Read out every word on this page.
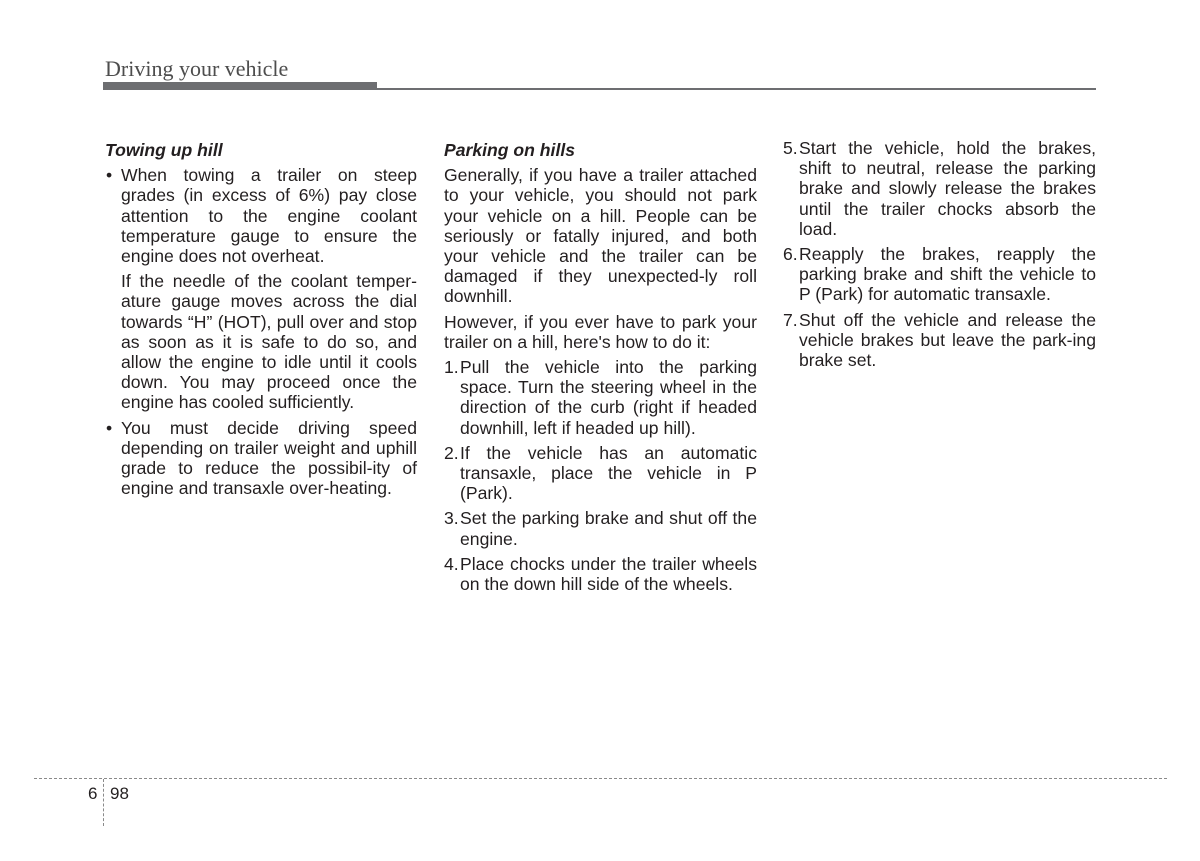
Driving your vehicle
Towing up hill
• When towing a trailer on steep grades (in excess of 6%) pay close attention to the engine coolant temperature gauge to ensure the engine does not overheat.

If the needle of the coolant temper-ature gauge moves across the dial towards “H” (HOT), pull over and stop as soon as it is safe to do so, and allow the engine to idle until it cools down. You may proceed once the engine has cooled sufficiently.

• You must decide driving speed depending on trailer weight and uphill grade to reduce the possibil-ity of engine and transaxle over-heating.
Parking on hills

Generally, if you have a trailer attached to your vehicle, you should not park your vehicle on a hill. People can be seriously or fatally injured, and both your vehicle and the trailer can be damaged if they unexpected-ly roll downhill.

However, if you ever have to park your trailer on a hill, here's how to do it:

1. Pull the vehicle into the parking space. Turn the steering wheel in the direction of the curb (right if headed downhill, left if headed up hill).
2. If the vehicle has an automatic transaxle, place the vehicle in P (Park).
3. Set the parking brake and shut off the engine.
4. Place chocks under the trailer wheels on the down hill side of the wheels.
5. Start the vehicle, hold the brakes, shift to neutral, release the parking brake and slowly release the brakes until the trailer chocks absorb the load.
6. Reapply the brakes, reapply the parking brake and shift the vehicle to P (Park) for automatic transaxle.
7. Shut off the vehicle and release the vehicle brakes but leave the park-ing brake set.
6 98
